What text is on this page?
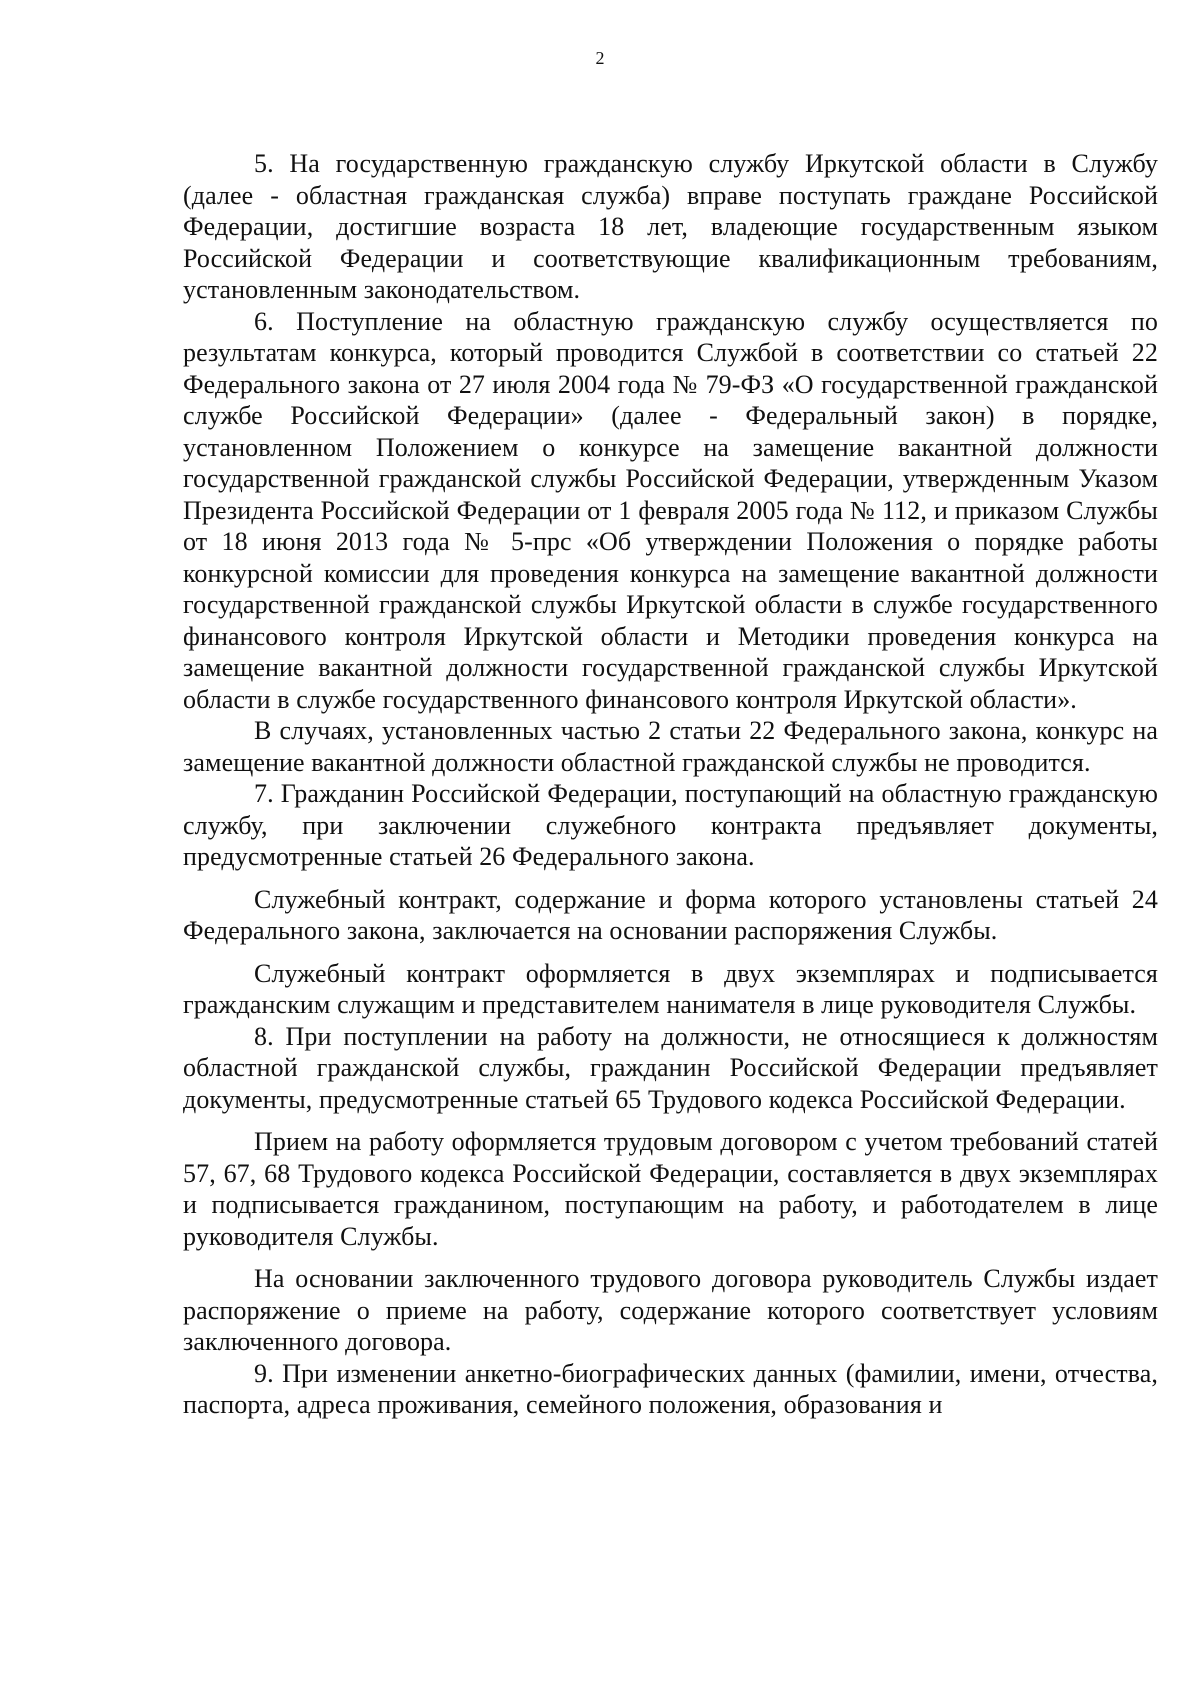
2

5. На государственную гражданскую службу Иркутской области в Службу (далее - областная гражданская служба) вправе поступать граждане Российской Федерации, достигшие возраста 18 лет, владеющие государственным языком Российской Федерации и соответствующие квалификационным требованиям, установленным законодательством.

6. Поступление на областную гражданскую службу осуществляется по результатам конкурса, который проводится Службой в соответствии со статьей 22 Федерального закона от 27 июля 2004 года № 79-ФЗ «О государственной гражданской службе Российской Федерации» (далее - Федеральный закон) в порядке, установленном Положением о конкурсе на замещение вакантной должности государственной гражданской службы Российской Федерации, утвержденным Указом Президента Российской Федерации от 1 февраля 2005 года № 112, и приказом Службы от 18 июня 2013 года № 5-прс «Об утверждении Положения о порядке работы конкурсной комиссии для проведения конкурса на замещение вакантной должности государственной гражданской службы Иркутской области в службе государственного финансового контроля Иркутской области и Методики проведения конкурса на замещение вакантной должности государственной гражданской службы Иркутской области в службе государственного финансового контроля Иркутской области».

В случаях, установленных частью 2 статьи 22 Федерального закона, конкурс на замещение вакантной должности областной гражданской службы не проводится.

7. Гражданин Российской Федерации, поступающий на областную гражданскую службу, при заключении служебного контракта предъявляет документы, предусмотренные статьей 26 Федерального закона.

Служебный контракт, содержание и форма которого установлены статьей 24 Федерального закона, заключается на основании распоряжения Службы.

Служебный контракт оформляется в двух экземплярах и подписывается гражданским служащим и представителем нанимателя в лице руководителя Службы.

8. При поступлении на работу на должности, не относящиеся к должностям областной гражданской службы, гражданин Российской Федерации предъявляет документы, предусмотренные статьей 65 Трудового кодекса Российской Федерации.

Прием на работу оформляется трудовым договором с учетом требований статей 57, 67, 68 Трудового кодекса Российской Федерации, составляется в двух экземплярах и подписывается гражданином, поступающим на работу, и работодателем в лице руководителя Службы.

На основании заключенного трудового договора руководитель Службы издает распоряжение о приеме на работу, содержание которого соответствует условиям заключенного договора.

9. При изменении анкетно-биографических данных (фамилии, имени, отчества, паспорта, адреса проживания, семейного положения, образования и
